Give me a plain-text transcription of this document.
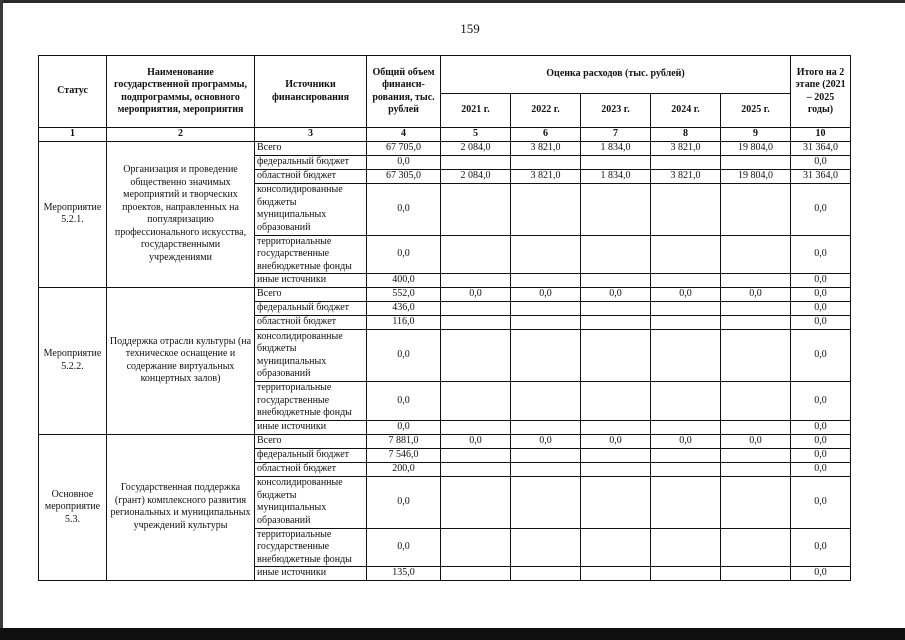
159
Статус	Наименование государственной программы, подпрограммы, основного мероприятия, мероприятия	Источники финансирования	Общий объем финанси-рования, тыс. рублей	Оценка расходов (тыс. рублей)					Итого на 2 этапе (2021 – 2025 годы)
				2021 г.	2022 г.	2023 г.	2024 г.	2025 г.	
1	2	3	4	5	6	7	8	9	10
Мероприятие 5.2.1.	Организация и проведение общественно значимых мероприятий и творческих проектов, направленных на популяризацию профессионального искусства, государственными учреждениями	Всего	67 705,0	2 084,0	3 821,0	1 834,0	3 821,0	19 804,0	31 364,0
		федеральный бюджет	0,0						0,0
		областной бюджет	67 305,0	2 084,0	3 821,0	1 834,0	3 821,0	19 804,0	31 364,0
		консолидированные бюджеты муниципальных образований	0,0						0,0
		территориальные государственные внебюджетные фонды	0,0						0,0
		иные источники	400,0						0,0
Мероприятие 5.2.2.	Поддержка отрасли культуры (на техническое оснащение и содержание виртуальных концертных залов)	Всего	552,0	0,0	0,0	0,0	0,0	0,0	0,0
		федеральный бюджет	436,0						0,0
		областной бюджет	116,0						0,0
		консолидированные бюджеты муниципальных образований	0,0						0,0
		территориальные государственные внебюджетные фонды	0,0						0,0
		иные источники	0,0						0,0
Основное мероприятие 5.3.	Государственная поддержка (грант) комплексного развития региональных и муниципальных учреждений культуры	Всего	7 881,0	0,0	0,0	0,0	0,0	0,0	0,0
		федеральный бюджет	7 546,0						0,0
		областной бюджет	200,0						0,0
		консолидированные бюджеты муниципальных образований	0,0						0,0
		территориальные государственные внебюджетные фонды	0,0						0,0
		иные источники	135,0						0,0
